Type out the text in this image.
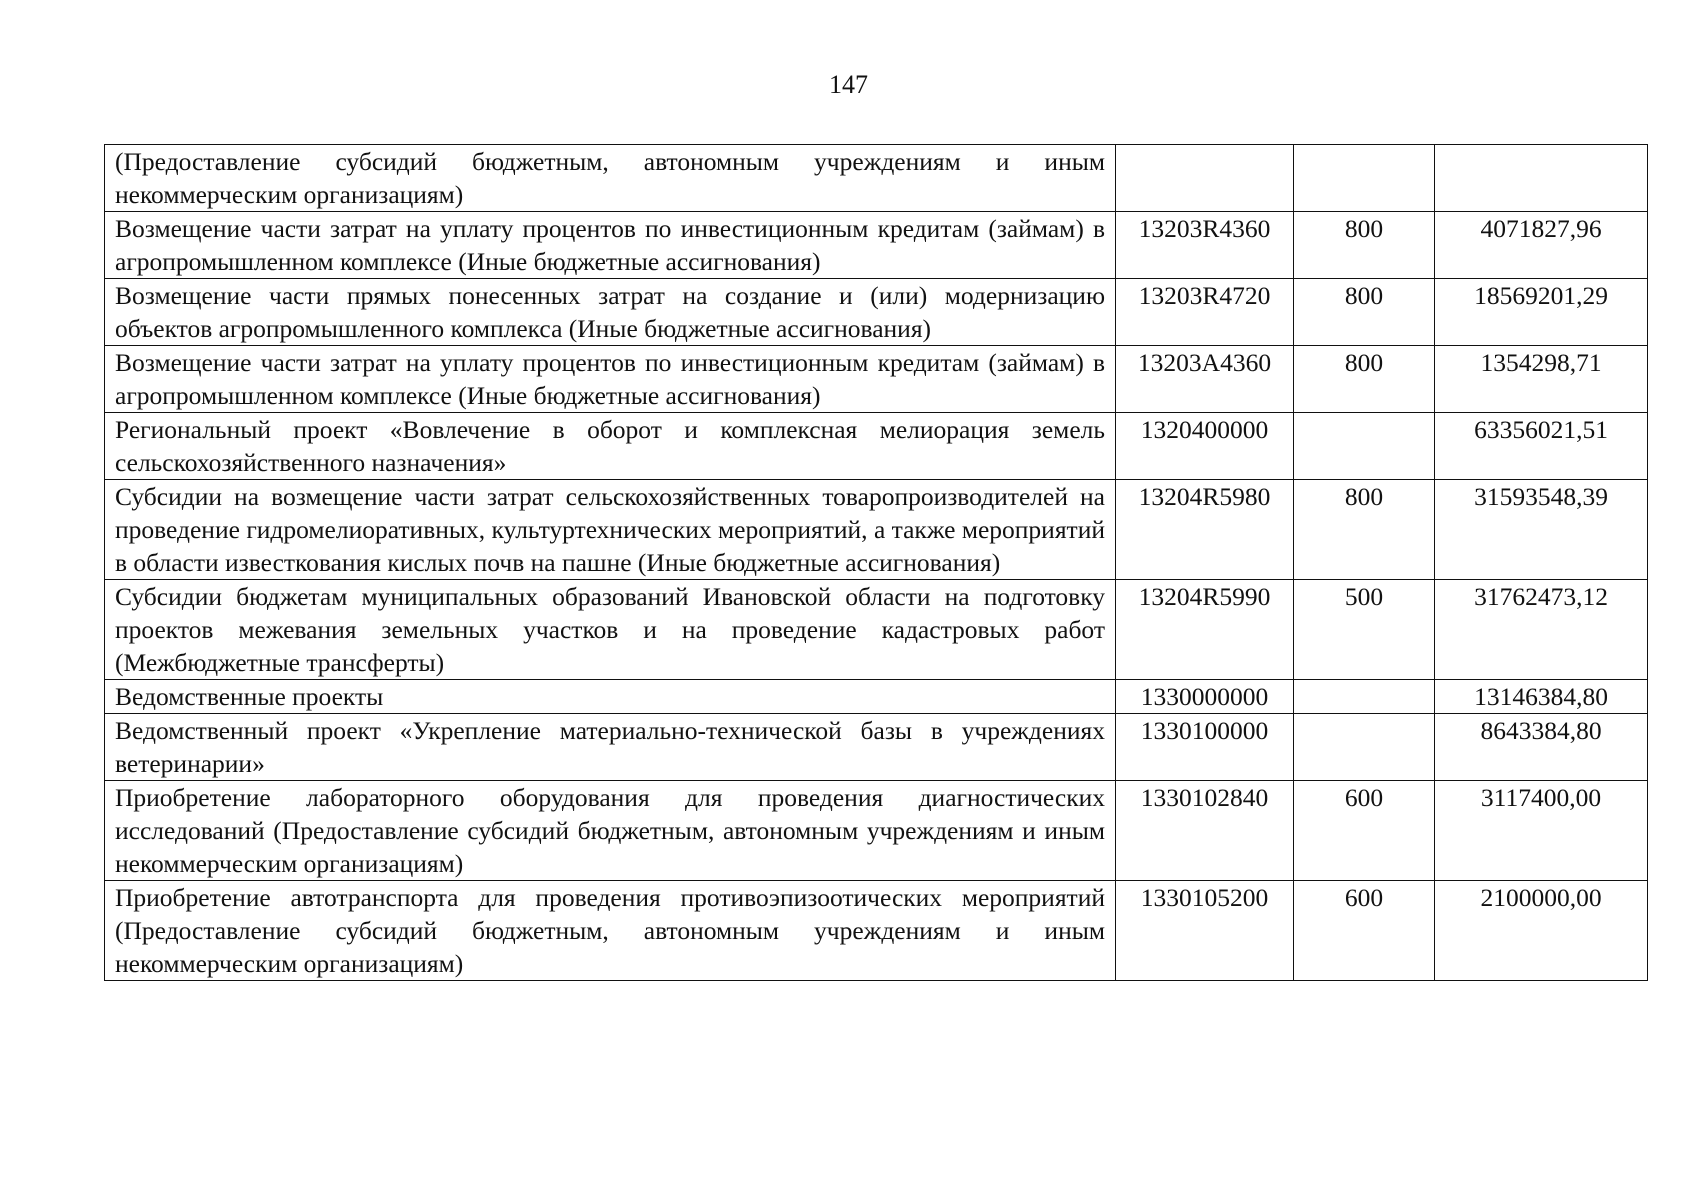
147
(Предоставление субсидий бюджетным, автономным учреждениям и иным некоммерческим организациям)			
Возмещение части затрат на уплату процентов по инвестиционным кредитам (займам) в агропромышленном комплексе (Иные бюджетные ассигнования)	13203R4360	800	4071827,96
Возмещение части прямых понесенных затрат на создание и (или) модернизацию объектов агропромышленного комплекса (Иные бюджетные ассигнования)	13203R4720	800	18569201,29
Возмещение части затрат на уплату процентов по инвестиционным кредитам (займам) в агропромышленном комплексе (Иные бюджетные ассигнования)	13203А4360	800	1354298,71
Региональный проект «Вовлечение в оборот и комплексная мелиорация земель сельскохозяйственного назначения»	1320400000		63356021,51
Субсидии на возмещение части затрат сельскохозяйственных товаропроизводителей на проведение гидромелиоративных, культуртехнических мероприятий, а также мероприятий в области известкования кислых почв на пашне (Иные бюджетные ассигнования)	13204R5980	800	31593548,39
Субсидии бюджетам муниципальных образований Ивановской области на подготовку проектов межевания земельных участков и на проведение кадастровых работ (Межбюджетные трансферты)	13204R5990	500	31762473,12
Ведомственные проекты	1330000000		13146384,80
Ведомственный проект «Укрепление материально-технической базы в учреждениях ветеринарии»	1330100000		8643384,80
Приобретение лабораторного оборудования для проведения диагностических исследований (Предоставление субсидий бюджетным, автономным учреждениям и иным некоммерческим организациям)	1330102840	600	3117400,00
Приобретение автотранспорта для проведения противоэпизоотических мероприятий (Предоставление субсидий бюджетным, автономным учреждениям и иным некоммерческим организациям)	1330105200	600	2100000,00
